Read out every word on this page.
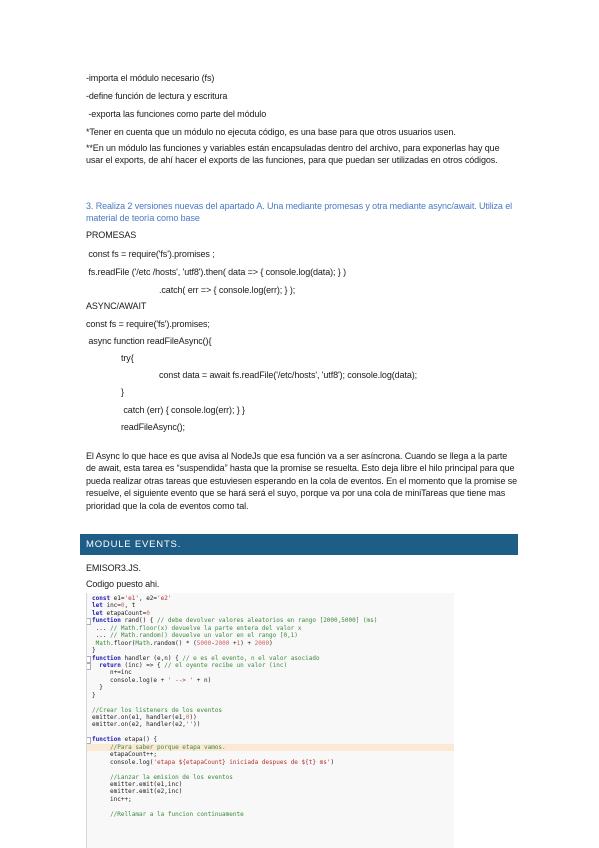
-importa el módulo necesario (fs)
-define función de lectura y escritura
-exporta las funciones como parte del módulo
*Tener en cuenta que un módulo no ejecuta código, es una base para que otros usuarios usen.
**En un módulo las funciones y variables están encapsuladas dentro del archivo, para exponerlas hay que usar el exports, de ahí hacer el exports de las funciones, para que puedan ser utilizadas en otros códigos.
3. Realiza 2 versiones nuevas del apartado A. Una mediante promesas y otra mediante async/await. Utiliza el material de teoría como base
PROMESAS
const fs = require('fs').promises ;
fs.readFile ('/etc /hosts', 'utf8').then( data => { console.log(data); } )
.catch( err => { console.log(err); } );
ASYNC/AWAIT
const fs = require('fs').promises;
async function readFileAsync(){
try{
const data = await fs.readFile('/etc/hosts', 'utf8'); console.log(data);
}
catch (err) { console.log(err); } }
readFileAsync();
El Async lo que hace es que avisa al NodeJs que esa función va a ser asíncrona. Cuando se llega a la parte de await, esta tarea es “suspendida” hasta que la promise se resuelta. Esto deja libre el hilo principal para que pueda realizar otras tareas que estuviesen esperando en la cola de eventos. En el momento que la promise se resuelve, el siguiente evento que se hará será el suyo, porque va por una cola de miniTareas que tiene mas prioridad que la cola de eventos como tal.
MODULE EVENTS.
EMISOR3.JS.
Codigo puesto ahi.
const e1='e1', e2='e2'
let inc=0, t
let etapaCount=0
function rand() { // debe devolver valores aleatorios en rango [2000,5000] (ms)
... // Math.floor(x) devuelve la parte entera del valor x
... // Math.random() devuelve un valor en el rango [0,1)
Math.floor(Math.random() * (5000-2000 +1) + 2000)
}
function handler (e,n) { // e es el evento, n el valor asociado
return (inc) => { // el oyente recibe un valor (inc)
n+=inc
console.log(e + ' --> ' + n)
}
}

//Crear los listeners de los eventos
emitter.on(e1, handler(e1,0))
emitter.on(e2, handler(e2,''))

function etapa() {
//Para saber porque etapa vamos.
etapaCount++;
console.log('etapa ${etapaCount} iniciada despues de ${t} ms')

//Lanzar la emision de los eventos
emitter.emit(e1,inc)
emitter.emit(e2,inc)
inc++;

//Rellamar a la funcion continuamente
